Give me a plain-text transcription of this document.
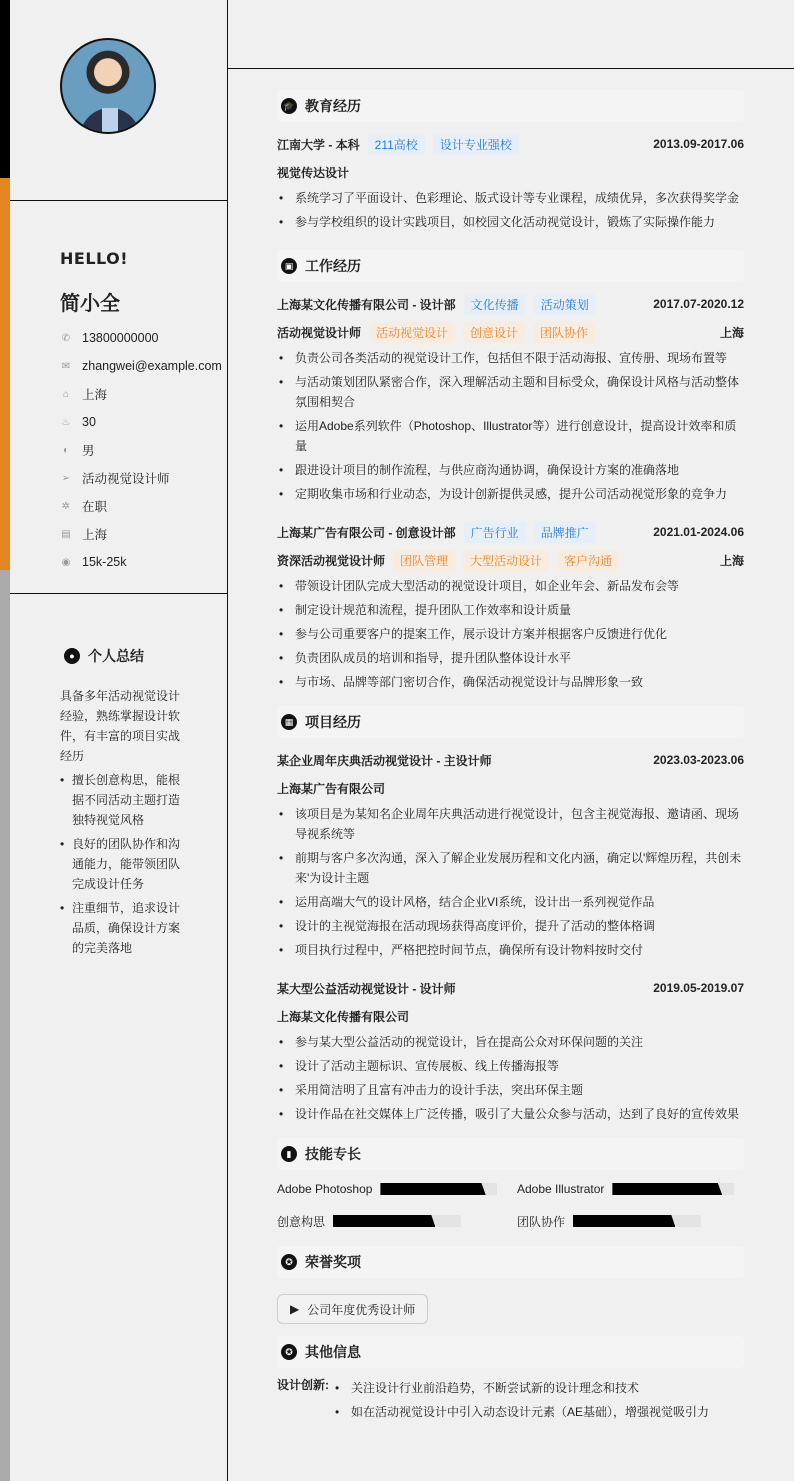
HELLO!
简小全
✆ 13800000000
✉ zhangwei@example.com
⌂ 上海
♨ 30
◐ 男
➢ 活动视觉设计师
✲ 在职
▤ 上海
◉ 15k-25k
● 个人总结
具备多年活动视觉设计经验，熟练掌握设计软件，有丰富的项目实战经历
• 擅长创意构思，能根据不同活动主题打造独特视觉风格
• 良好的团队协作和沟通能力，能带领团队完成设计任务
• 注重细节，追求设计品质，确保设计方案的完美落地
🎓 教育经历
江南大学 - 本科	211高校	设计专业强校	2013.09-2017.06
视觉传达设计
• 系统学习了平面设计、色彩理论、版式设计等专业课程，成绩优异，多次获得奖学金
• 参与学校组织的设计实践项目，如校园文化活动视觉设计，锻炼了实际操作能力
▣ 工作经历
上海某文化传播有限公司 - 设计部	文化传播	活动策划	2017.07-2020.12
活动视觉设计师	活动视觉设计	创意设计	团队协作	上海
• 负责公司各类活动的视觉设计工作，包括但不限于活动海报、宣传册、现场布置等
• 与活动策划团队紧密合作，深入理解活动主题和目标受众，确保设计风格与活动整体氛围相契合
• 运用Adobe系列软件（Photoshop、Illustrator等）进行创意设计，提高设计效率和质量
• 跟进设计项目的制作流程，与供应商沟通协调，确保设计方案的准确落地
• 定期收集市场和行业动态，为设计创新提供灵感，提升公司活动视觉形象的竞争力
上海某广告有限公司 - 创意设计部	广告行业	品牌推广	2021.01-2024.06
资深活动视觉设计师	团队管理	大型活动设计	客户沟通	上海
• 带领设计团队完成大型活动的视觉设计项目，如企业年会、新品发布会等
• 制定设计规范和流程，提升团队工作效率和设计质量
• 参与公司重要客户的提案工作，展示设计方案并根据客户反馈进行优化
• 负责团队成员的培训和指导，提升团队整体设计水平
• 与市场、品牌等部门密切合作，确保活动视觉设计与品牌形象一致
▦ 项目经历
某企业周年庆典活动视觉设计 - 主设计师	2023.03-2023.06
上海某广告有限公司
• 该项目是为某知名企业周年庆典活动进行视觉设计，包含主视觉海报、邀请函、现场导视系统等
• 前期与客户多次沟通，深入了解企业发展历程和文化内涵，确定以'辉煌历程，共创未来'为设计主题
• 运用高端大气的设计风格，结合企业VI系统，设计出一系列视觉作品
• 设计的主视觉海报在活动现场获得高度评价，提升了活动的整体格调
• 项目执行过程中，严格把控时间节点，确保所有设计物料按时交付
某大型公益活动视觉设计 - 设计师	2019.05-2019.07
上海某文化传播有限公司
• 参与某大型公益活动的视觉设计，旨在提高公众对环保问题的关注
• 设计了活动主题标识、宣传展板、线上传播海报等
• 采用简洁明了且富有冲击力的设计手法，突出环保主题
• 设计作品在社交媒体上广泛传播，吸引了大量公众参与活动，达到了良好的宣传效果
▮ 技能专长
Adobe Photoshop	Adobe Illustrator
创意构思	团队协作
✪ 荣誉奖项
▶ 公司年度优秀设计师
✪ 其他信息
设计创新:	• 关注设计行业前沿趋势，不断尝试新的设计理念和技术
• 如在活动视觉设计中引入动态设计元素（AE基础），增强视觉吸引力
